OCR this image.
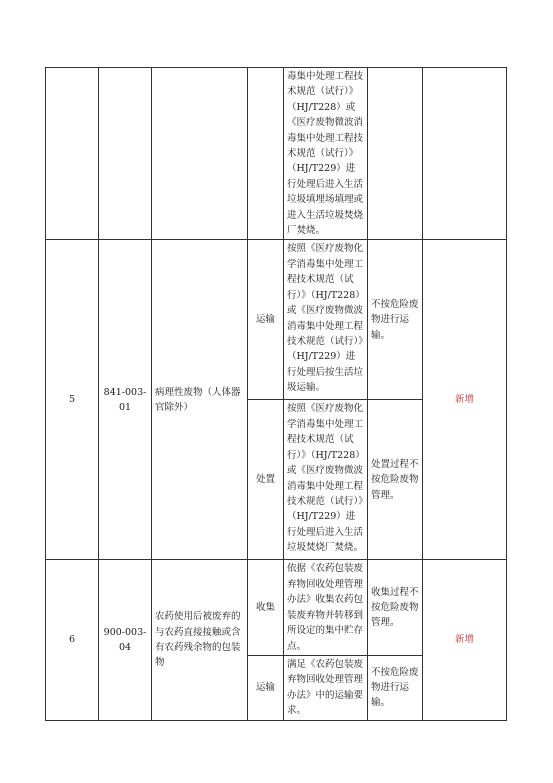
				毒集中处理工程技术规范（试行）》（HJ/T228）或《医疗废物微波消毒集中处理工程技术规范（试行）》（HJ/T229）进行处理后进入生活垃圾填埋场填埋或进入生活垃圾焚烧厂焚烧。		
5	841-003-01	病理性废物（人体器官除外）	运输	按照《医疗废物化学消毒集中处理工程技术规范（试行）》（HJ/T228）或《医疗废物微波消毒集中处理工程技术规范（试行）》（HJ/T229）进行处理后按生活垃圾运输。	不按危险废物进行运输。	新增
			处置	按照《医疗废物化学消毒集中处理工程技术规范（试行）》（HJ/T228）或《医疗废物微波消毒集中处理工程技术规范（试行）》（HJ/T229）进行处理后进入生活垃圾焚烧厂焚烧。	处置过程不按危险废物管理。	
6	900-003-04	农药使用后被废弃的与农药直接接触或含有农药残余物的包装物	收集	依据《农药包装废弃物回收处理管理办法》收集农药包装废弃物并转移到所设定的集中贮存点。	收集过程不按危险废物管理。	新增
			运输	满足《农药包装废弃物回收处理管理办法》中的运输要求。	不按危险废物进行运输。	
